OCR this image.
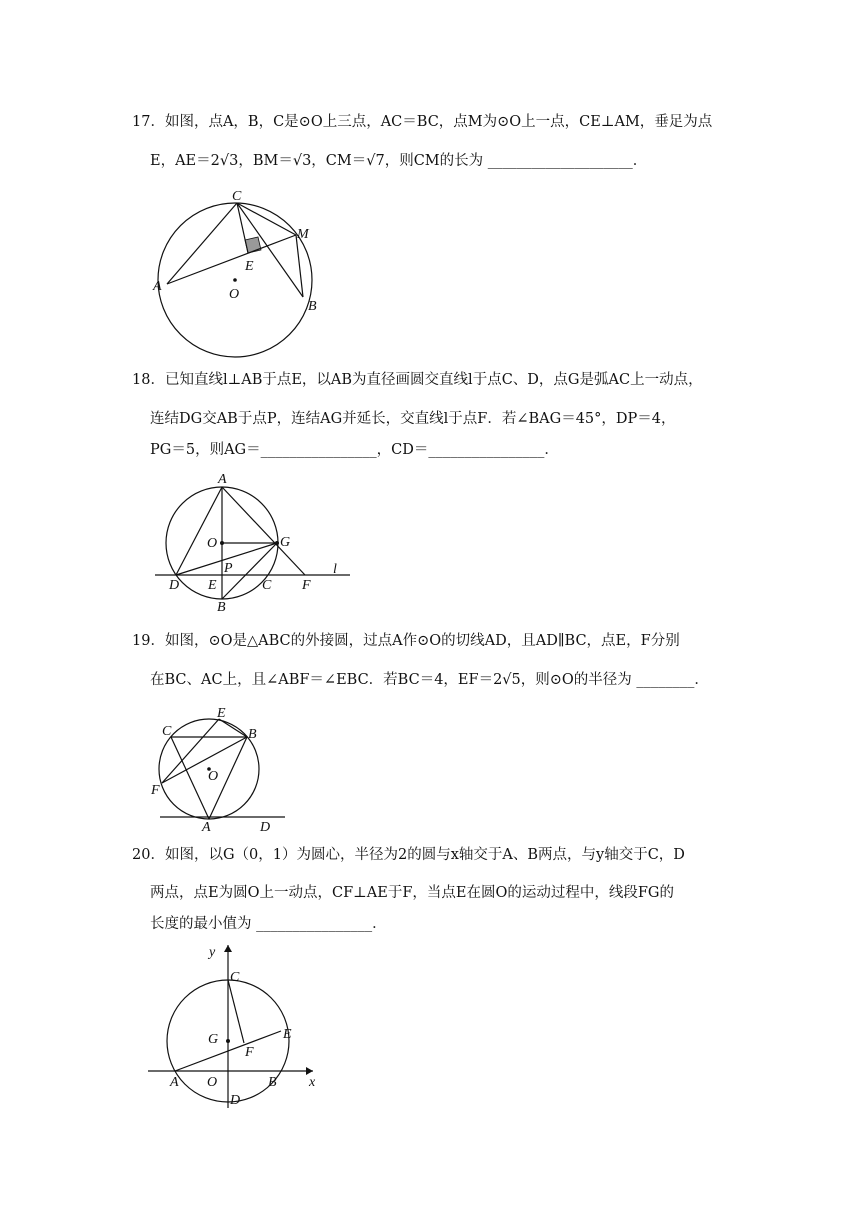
17．如图，点A，B，C是⊙O上三点，AC＝BC，点M为⊙O上一点，CE⊥AM，垂足为点
E，AE＝2√3，BM＝√3，CM＝√7，则CM的长为 ____________________．
C
M
E
A
O
B
18．已知直线l⊥AB于点E，以AB为直径画圆交直线l于点C、D，点G是弧AC上一动点，
连结DG交AB于点P，连结AG并延长，交直线l于点F．若∠BAG＝45°，DP＝4，
PG＝5，则AG＝________________，CD＝________________．
A
O	G
l
D
P
E	C F
B
19．如图，⊙O是△ABC的外接圆，过点A作⊙O的切线AD，且AD∥BC，点E，F分别
在BC、AC上，且∠ABF＝∠EBC．若BC＝4，EF＝2√5，则⊙O的半径为 ________．
E
C	B
O
F
A	D
20．如图，以G（0，1）为圆心，半径为2的圆与x轴交于A、B两点，与y轴交于C，D
两点，点E为圆O上一动点，CF⊥AE于F，当点E在圆O的运动过程中，线段FG的
长度的最小值为 ________________．
y
C
G	E
F
A O	B x
D
